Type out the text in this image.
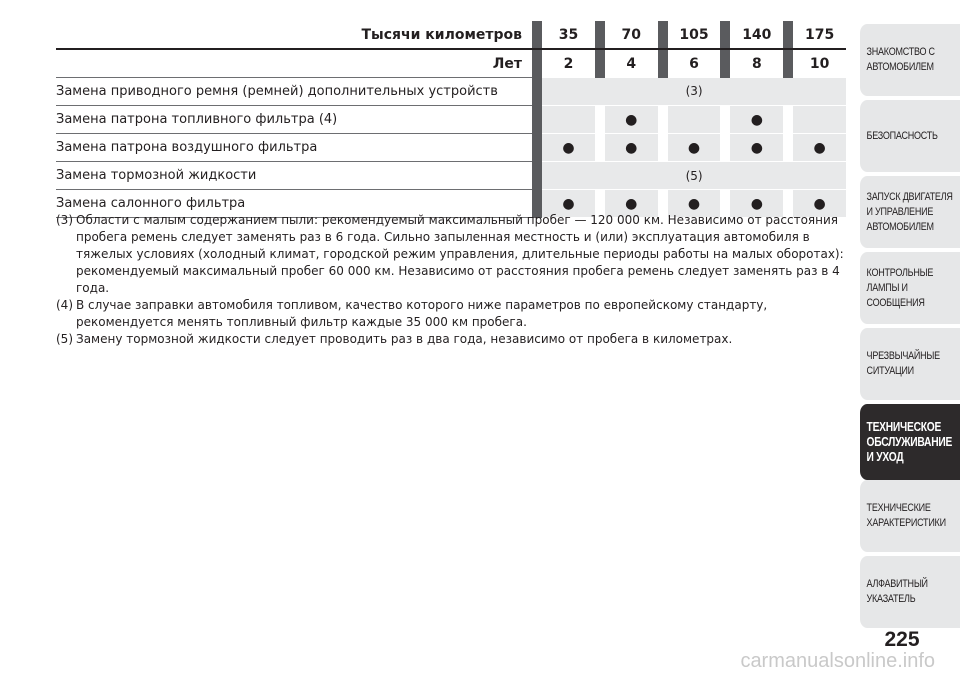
Тысячи километров		35		70		105		140		175
Лет		2		4		6		8		10
Замена приводного ремня (ремней) дополнительных устройств		(3)								
Замена патрона топливного фильтра (4)				●				●		
Замена патрона воздушного фильтра		●		●		●		●		●
Замена тормозной жидкости		(5)								
Замена салонного фильтра		●		●		●		●		●
(3) Области с малым содержанием пыли: рекомендуемый максимальный пробег — 120 000 км. Независимо от расстояния пробега ремень следует заменять раз в 6 года. Сильно запыленная местность и (или) эксплуатация автомобиля в тяжелых условиях (холодный климат, городской режим управления, длительные периоды работы на малых оборотах): рекомендуемый максимальный пробег 60 000 км. Независимо от расстояния пробега ремень следует заменять раз в 4 года.
(4) В случае заправки автомобиля топливом, качество которого ниже параметров по европейскому стандарту, рекомендуется менять топливный фильтр каждые 35 000 км пробега.
(5) Замену тормозной жидкости следует проводить раз в два года, независимо от пробега в километрах.
ЗНАКОМСТВО С
АВТОМОБИЛЕМ
БЕЗОПАСНОСТЬ
ЗАПУСК ДВИГАТЕЛЯ
И УПРАВЛЕНИЕ
АВТОМОБИЛЕМ
КОНТРОЛЬНЫЕ
ЛАМПЫ И
СООБЩЕНИЯ
ЧРЕЗВЫЧАЙНЫЕ
СИТУАЦИИ
ТЕХНИЧЕСКОЕ
ОБСЛУЖИВАНИЕ
И УХОД
ТЕХНИЧЕСКИЕ
ХАРАКТЕРИСТИКИ
АЛФАВИТНЫЙ
УКАЗАТЕЛЬ
225
carmanualsonline.info
